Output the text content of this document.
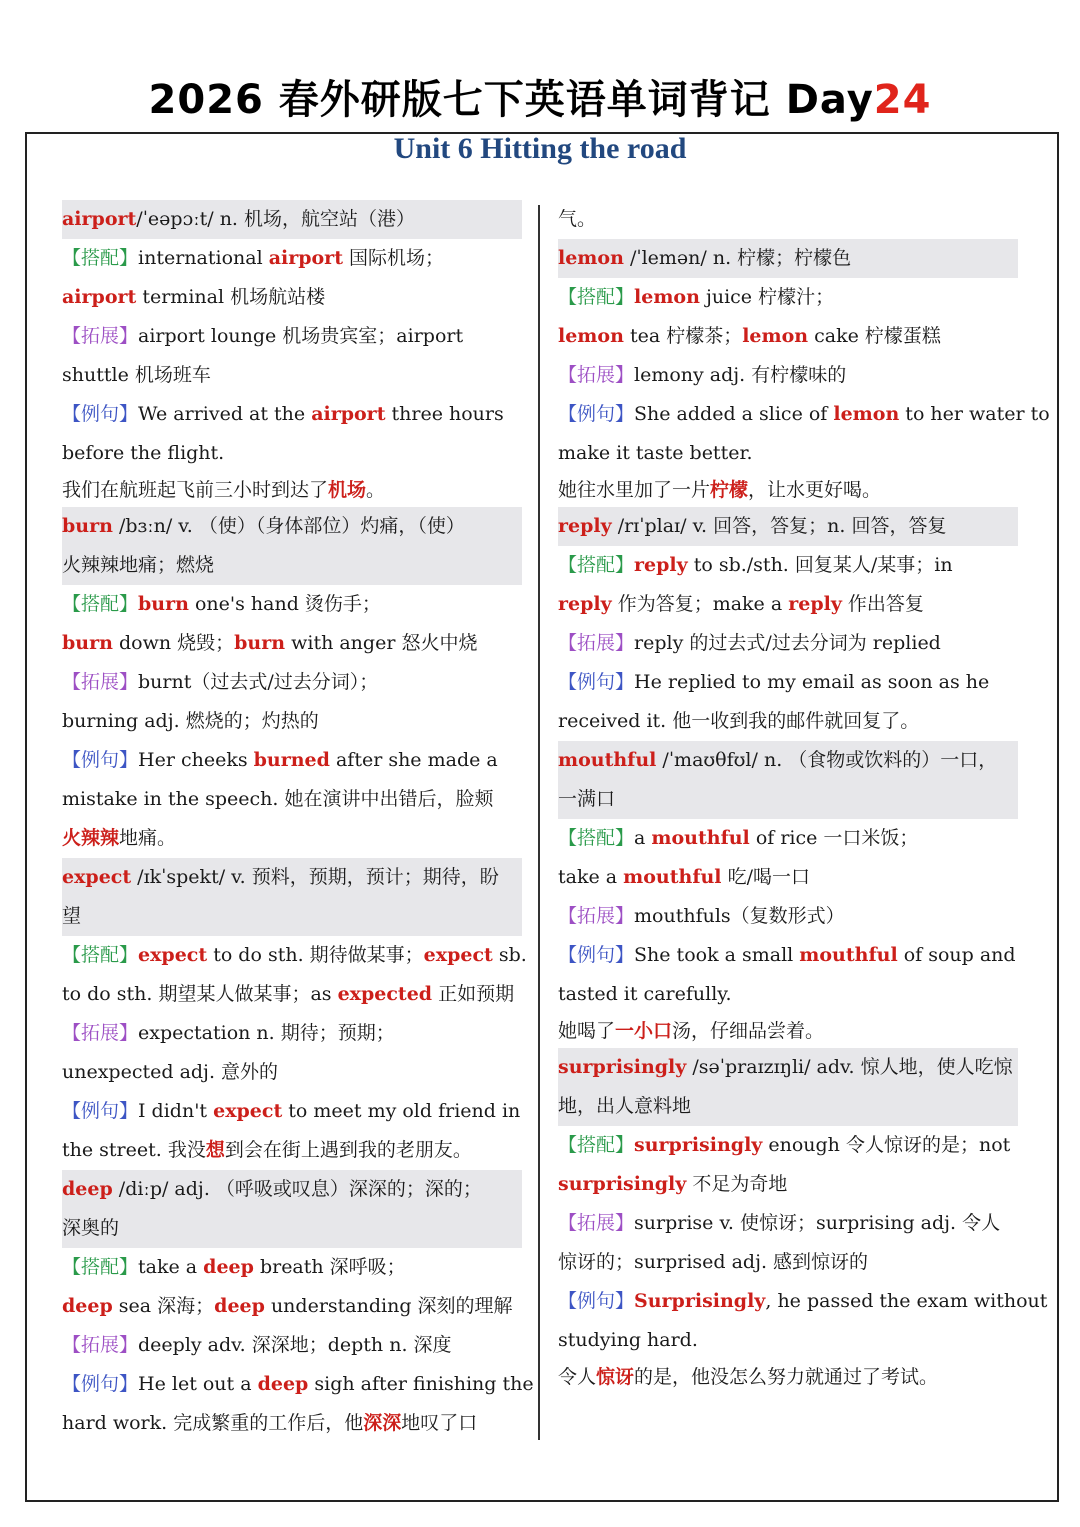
2026 春外研版七下英语单词背记 Day24
Unit 6 Hitting the road
airport/ˈeəpɔːt/ n. 机场，航空站（港）
【搭配】international airport 国际机场；
airport terminal 机场航站楼
【拓展】airport lounge 机场贵宾室；airport
shuttle 机场班车
【例句】We arrived at the airport three hours
before the flight.
我们在航班起飞前三小时到达了机场。
burn /bɜːn/ v. （使）（身体部位）灼痛，（使）
火辣辣地痛；燃烧
【搭配】burn one's hand 烫伤手；
burn down 烧毁；burn with anger 怒火中烧
【拓展】burnt（过去式/过去分词）；
burning adj. 燃烧的；灼热的
【例句】Her cheeks burned after she made a
mistake in the speech. 她在演讲中出错后，脸颊
火辣辣地痛。
expect /ɪkˈspekt/ v. 预料，预期，预计；期待，盼
望
【搭配】expect to do sth. 期待做某事；expect sb.
to do sth. 期望某人做某事；as expected 正如预期
【拓展】expectation n. 期待；预期；
unexpected adj. 意外的
【例句】I didn't expect to meet my old friend in
the street. 我没想到会在街上遇到我的老朋友。
deep /diːp/ adj. （呼吸或叹息）深深的；深的；
深奥的
【搭配】take a deep breath 深呼吸；
deep sea 深海；deep understanding 深刻的理解
【拓展】deeply adv. 深深地；depth n. 深度
【例句】He let out a deep sigh after finishing the
hard work. 完成繁重的工作后，他深深地叹了口
气。
lemon /ˈlemən/ n. 柠檬；柠檬色
【搭配】lemon juice 柠檬汁；
lemon tea 柠檬茶；lemon cake 柠檬蛋糕
【拓展】lemony adj. 有柠檬味的
【例句】She added a slice of lemon to her water to
make it taste better.
她往水里加了一片柠檬，让水更好喝。
reply /rɪˈplaɪ/ v. 回答，答复；n. 回答，答复
【搭配】reply to sb./sth. 回复某人/某事；in
reply 作为答复；make a reply 作出答复
【拓展】reply 的过去式/过去分词为 replied
【例句】He replied to my email as soon as he
received it. 他一收到我的邮件就回复了。
mouthful /ˈmaʊθfʊl/ n. （食物或饮料的）一口，
一满口
【搭配】a mouthful of rice 一口米饭；
take a mouthful 吃/喝一口
【拓展】mouthfuls（复数形式）
【例句】She took a small mouthful of soup and
tasted it carefully.
她喝了一小口汤，仔细品尝着。
surprisingly /səˈpraɪzɪŋli/ adv. 惊人地，使人吃惊
地，出人意料地
【搭配】surprisingly enough 令人惊讶的是；not
surprisingly 不足为奇地
【拓展】surprise v. 使惊讶；surprising adj. 令人
惊讶的；surprised adj. 感到惊讶的
【例句】Surprisingly, he passed the exam without
studying hard.
令人惊讶的是，他没怎么努力就通过了考试。
